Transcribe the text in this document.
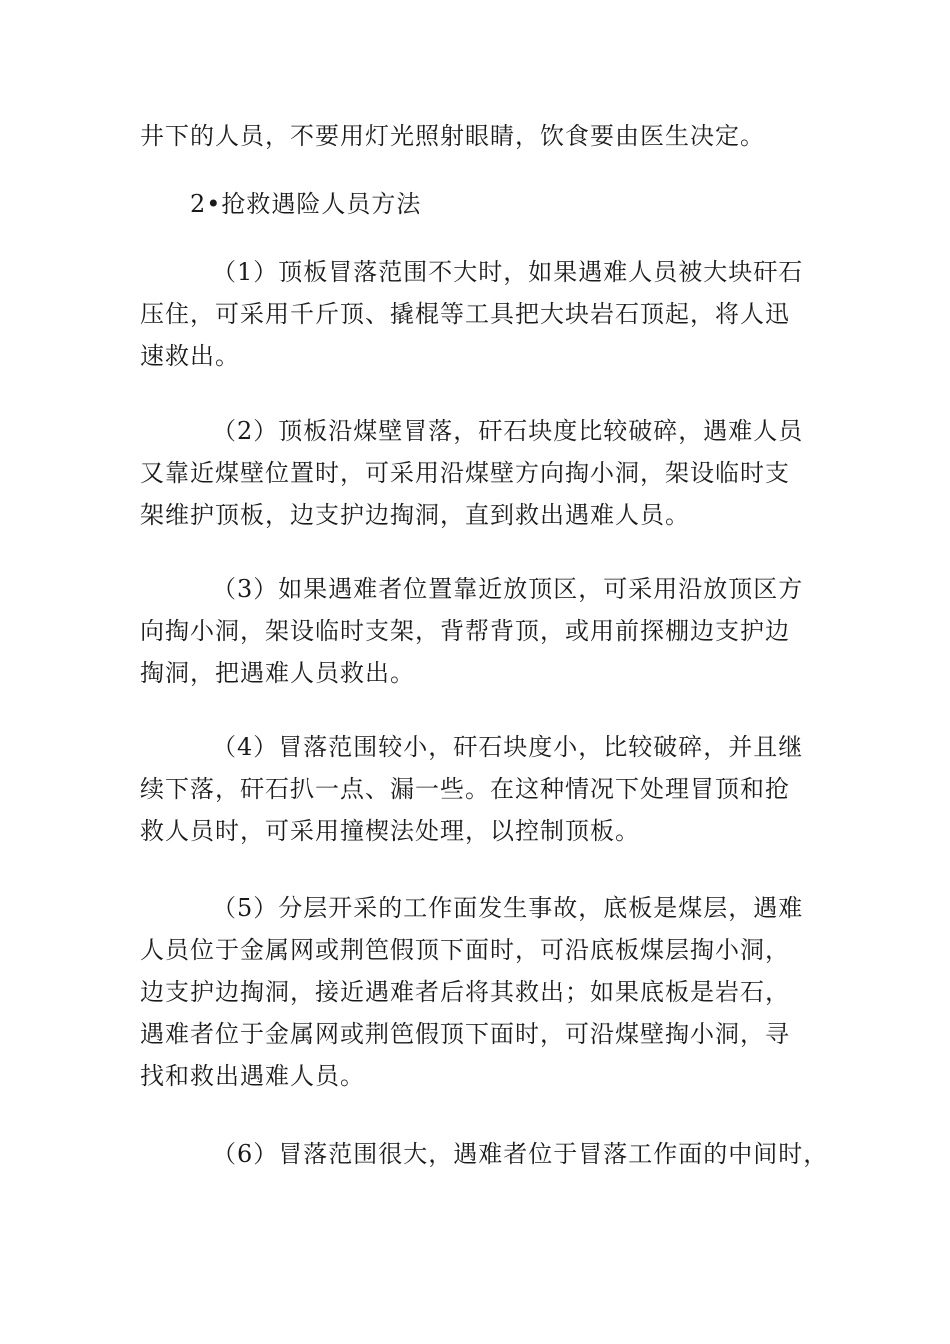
井下的人员，不要用灯光照射眼睛，饮食要由医生决定。
2•抢救遇险人员方法
（1）顶板冒落范围不大时，如果遇难人员被大块矸石
压住，可采用千斤顶、撬棍等工具把大块岩石顶起，将人迅
速救出。
（2）顶板沿煤壁冒落，矸石块度比较破碎，遇难人员
又靠近煤壁位置时，可采用沿煤壁方向掏小洞，架设临时支
架维护顶板，边支护边掏洞，直到救出遇难人员。
（3）如果遇难者位置靠近放顶区，可采用沿放顶区方
向掏小洞，架设临时支架，背帮背顶，或用前探棚边支护边
掏洞，把遇难人员救出。
（4）冒落范围较小，矸石块度小，比较破碎，并且继
续下落，矸石扒一点、漏一些。在这种情况下处理冒顶和抢
救人员时，可采用撞楔法处理，以控制顶板。
（5）分层开采的工作面发生事故，底板是煤层，遇难
人员位于金属网或荆笆假顶下面时，可沿底板煤层掏小洞，
边支护边掏洞，接近遇难者后将其救出；如果底板是岩石，
遇难者位于金属网或荆笆假顶下面时，可沿煤壁掏小洞，寻
找和救出遇难人员。
（6）冒落范围很大，遇难者位于冒落工作面的中间时，
